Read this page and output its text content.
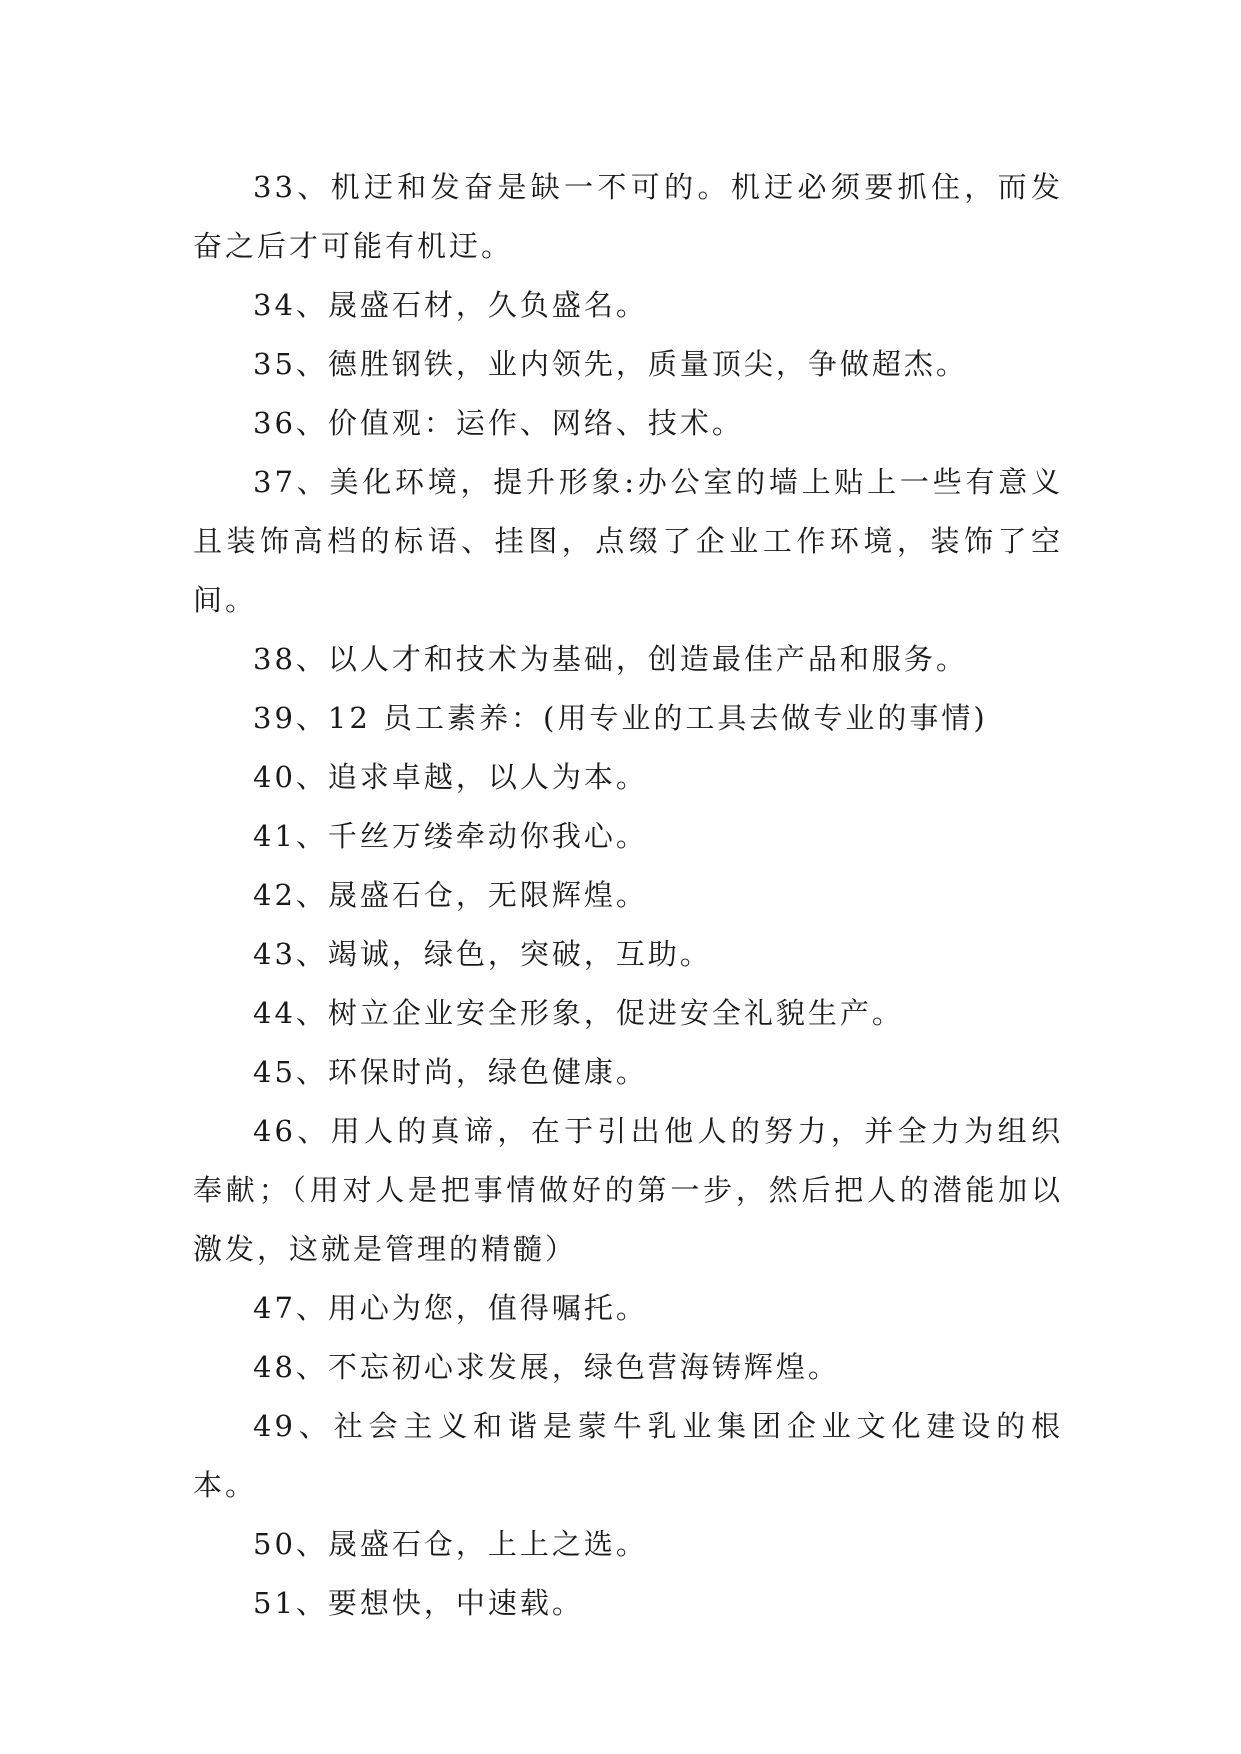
33、机迂和发奋是缺一不可的。机迂必须要抓住，而发奋之后才可能有机迂。

34、晟盛石材，久负盛名。

35、德胜钢铁，业内领先，质量顶尖，争做超杰。

36、价值观：运作、网络、技术。

37、美化环境，提升形象:办公室的墙上贴上一些有意义且装饰高档的标语、挂图，点缀了企业工作环境，装饰了空间。

38、以人才和技术为基础，创造最佳产品和服务。

39、12 员工素养：(用专业的工具去做专业的事情)

40、追求卓越，以人为本。

41、千丝万缕牵动你我心。

42、晟盛石仓，无限辉煌。

43、竭诚，绿色，突破，互助。

44、树立企业安全形象，促进安全礼貌生产。

45、环保时尚，绿色健康。

46、用人的真谛，在于引出他人的努力，并全力为组织奉献；（用对人是把事情做好的第一步，然后把人的潜能加以激发，这就是管理的精髓）

47、用心为您，值得嘱托。

48、不忘初心求发展，绿色营海铸辉煌。

49、社会主义和谐是蒙牛乳业集团企业文化建设的根本。

50、晟盛石仓，上上之选。

51、要想快，中速载。
